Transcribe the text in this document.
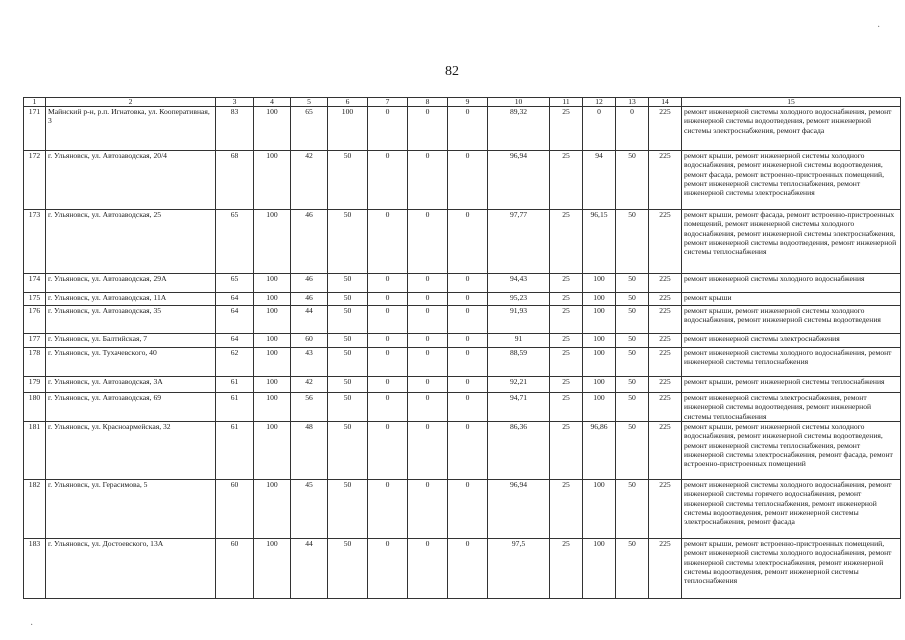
82
·
·
1	2	3	4	5	6	7	8	9	10	11	12	13	14	15
171	Майнский р-н, р.п. Игнатовка, ул. Кооперативная, 3	83	100	65	100	0	0	0	89,32	25	0	0	225	ремонт инженерной системы холодного водоснабжения, ремонт инженерной системы водоотведения, ремонт инженерной системы электроснабжения, ремонт фасада
172	г. Ульяновск, ул. Автозаводская, 20/4	68	100	42	50	0	0	0	96,94	25	94	50	225	ремонт крыши, ремонт инженерной системы холодного водоснабжения, ремонт инженерной системы водоотведения, ремонт фасада, ремонт встроенно-пристроенных помещений, ремонт инженерной системы теплоснабжения, ремонт инженерной системы электроснабжения
173	г. Ульяновск, ул. Автозаводская, 25	65	100	46	50	0	0	0	97,77	25	96,15	50	225	ремонт крыши, ремонт фасада, ремонт встроенно-пристроенных помещений, ремонт инженерной системы холодного водоснабжения, ремонт инженерной системы электроснабжения, ремонт инженерной системы водоотведения, ремонт инженерной системы теплоснабжения
174	г. Ульяновск, ул. Автозаводская, 29А	65	100	46	50	0	0	0	94,43	25	100	50	225	ремонт инженерной системы холодного водоснабжения
175	г. Ульяновск, ул. Автозаводская, 11А	64	100	46	50	0	0	0	95,23	25	100	50	225	ремонт крыши
176	г. Ульяновск, ул. Автозаводская, 35	64	100	44	50	0	0	0	91,93	25	100	50	225	ремонт крыши, ремонт инженерной системы холодного водоснабжения, ремонт инженерной системы водоотведения
177	г. Ульяновск, ул. Балтийская, 7	64	100	60	50	0	0	0	91	25	100	50	225	ремонт инженерной системы электроснабжения
178	г. Ульяновск, ул. Тухачевского, 40	62	100	43	50	0	0	0	88,59	25	100	50	225	ремонт инженерной системы холодного водоснабжения, ремонт инженерной системы теплоснабжения
179	г. Ульяновск, ул. Автозаводская, 3А	61	100	42	50	0	0	0	92,21	25	100	50	225	ремонт крыши, ремонт инженерной системы теплоснабжения
180	г. Ульяновск, ул. Автозаводская, 69	61	100	56	50	0	0	0	94,71	25	100	50	225	ремонт инженерной системы электроснабжения, ремонт инженерной системы водоотведения, ремонт инженерной системы теплоснабжения
181	г. Ульяновск, ул. Красноармейская, 32	61	100	48	50	0	0	0	86,36	25	96,86	50	225	ремонт крыши, ремонт инженерной системы холодного водоснабжения, ремонт инженерной системы водоотведения, ремонт инженерной системы теплоснабжения, ремонт инженерной системы электроснабжения, ремонт фасада, ремонт встроенно-пристроенных помещений
182	г. Ульяновск, ул. Герасимова, 5	60	100	45	50	0	0	0	96,94	25	100	50	225	ремонт инженерной системы холодного водоснабжения, ремонт инженерной системы горячего водоснабжения, ремонт инженерной системы теплоснабжения, ремонт инженерной системы водоотведения, ремонт инженерной системы электроснабжения, ремонт фасада
183	г. Ульяновск, ул. Достоевского, 13А	60	100	44	50	0	0	0	97,5	25	100	50	225	ремонт крыши, ремонт встроенно-пристроенных помещений, ремонт инженерной системы холодного водоснабжения, ремонт инженерной системы электроснабжения, ремонт инженерной системы водоотведения, ремонт инженерной системы теплоснабжения
